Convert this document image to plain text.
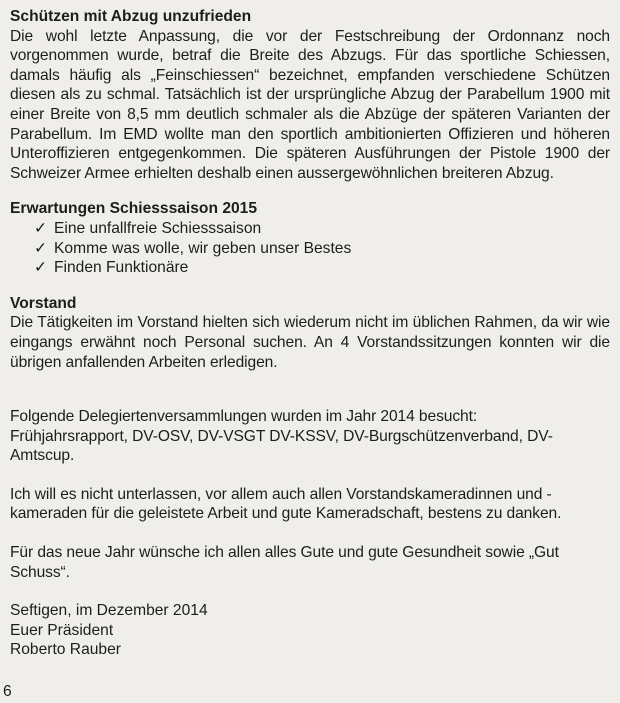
Schützen mit Abzug unzufrieden

Die wohl letzte Anpassung, die vor der Festschreibung der Ordonnanz noch vorgenommen wurde, betraf die Breite des Abzugs. Für das sportliche Schiessen, damals häufig als „Feinschiessen“ bezeichnet, empfanden verschiedene Schützen diesen als zu schmal. Tatsächlich ist der ursprüngliche Abzug der Parabellum 1900 mit einer Breite von 8,5 mm deutlich schmaler als die Abzüge der späteren Varianten der Parabellum. Im EMD wollte man den sportlich ambitionierten Offizieren und höheren Unteroffizieren entgegenkommen. Die späteren Ausführungen der Pistole 1900 der Schweizer Armee erhielten deshalb einen aussergewöhnlichen breiteren Abzug.

Erwartungen Schiesssaison 2015
✓ Eine unfallfreie Schiesssaison
✓ Komme was wolle, wir geben unser Bestes
✓ Finden Funktionäre
Vorstand

Die Tätigkeiten im Vorstand hielten sich wiederum nicht im üblichen Rahmen, da wir wie eingangs erwähnt noch Personal suchen. An 4 Vorstandssitzungen konnten wir die übrigen anfallenden Arbeiten erledigen.

Folgende Delegiertenversammlungen wurden im Jahr 2014 besucht:

Frühjahrsrapport, DV-OSV, DV-VSGT DV-KSSV, DV-Burgschützenverband, DV-Amtscup.

Ich will es nicht unterlassen, vor allem auch allen Vorstandskameradinnen und -kameraden für die geleistete Arbeit und gute Kameradschaft, bestens zu danken.

Für das neue Jahr wünsche ich allen alles Gute und gute Gesundheit sowie „Gut Schuss“.

Seftigen, im Dezember 2014

Euer Präsident

Roberto Rauber

6
